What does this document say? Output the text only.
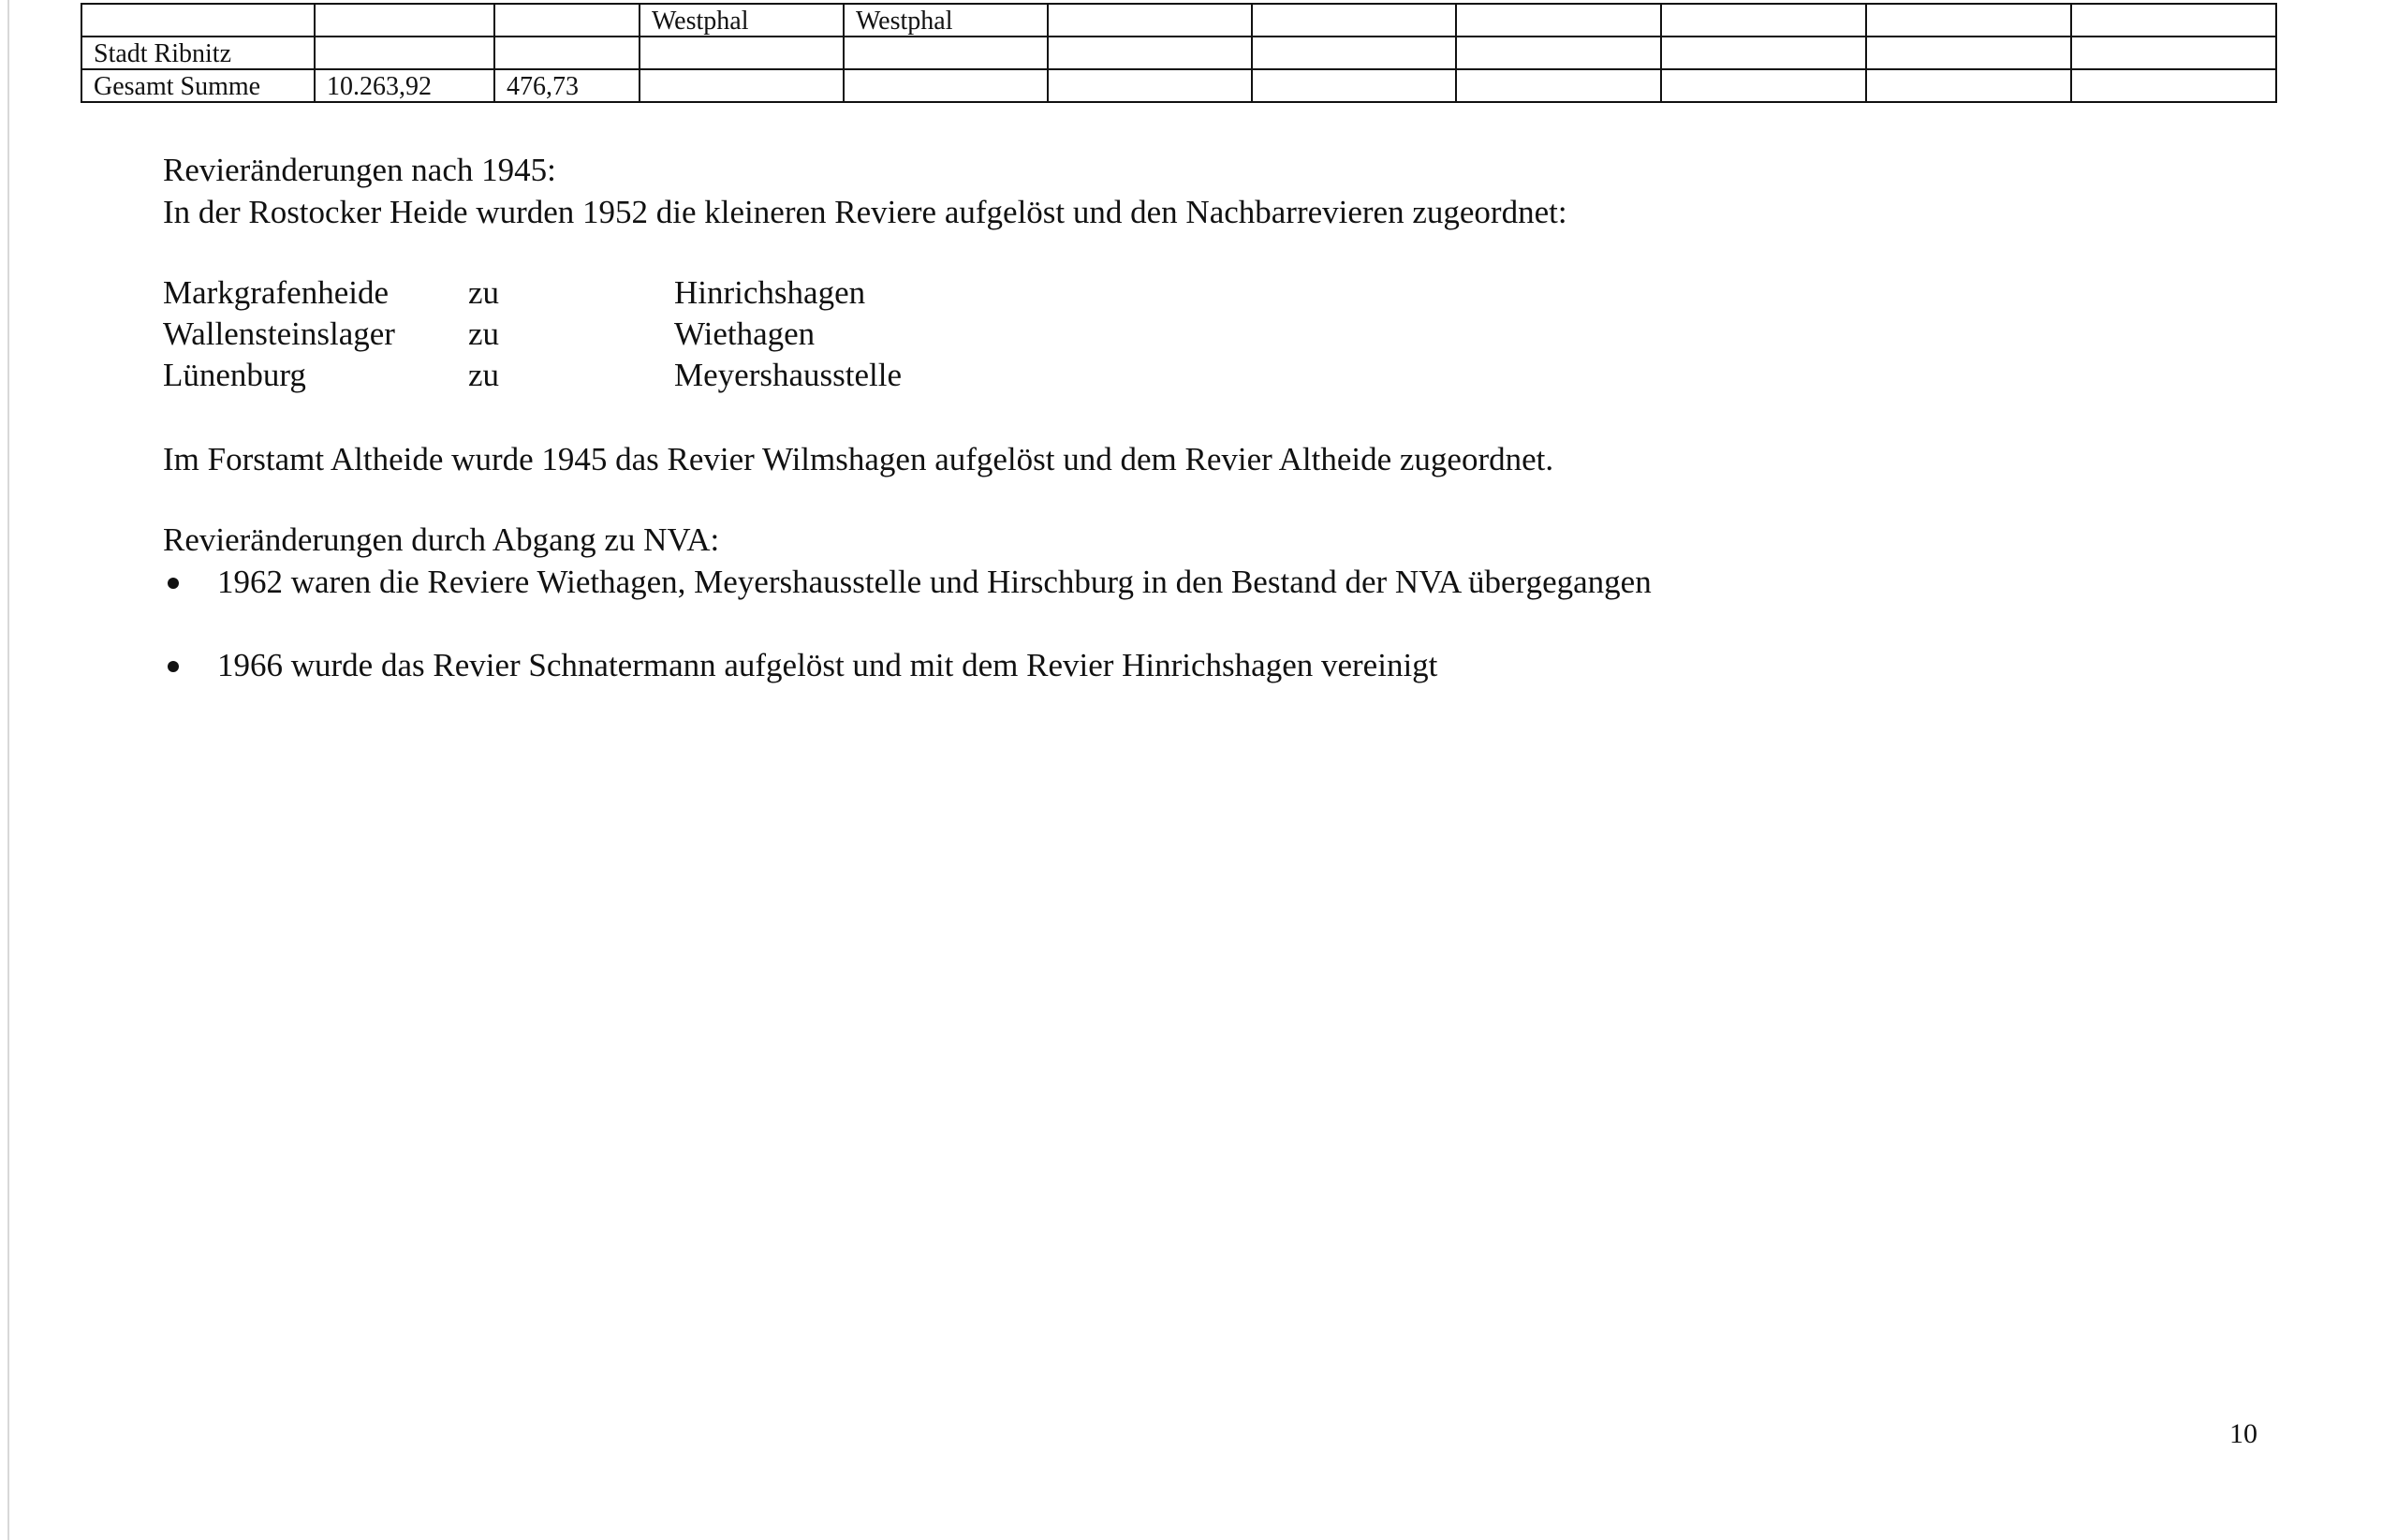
			Westphal	Westphal						
Stadt Ribnitz										
Gesamt Summe	10.263,92	476,73								
Revieränderungen nach 1945:
In der Rostocker Heide wurden 1952 die kleineren Reviere aufgelöst und den Nachbarrevieren zugeordnet:
Markgrafenheide zu	Hinrichshagen
Wallensteinslager zu	Wiethagen
Lünenburg	zu	Meyershausstelle
Im Forstamt Altheide wurde 1945 das Revier Wilmshagen aufgelöst und dem Revier Altheide zugeordnet.
Revieränderungen durch Abgang zu NVA:
1962 waren die Reviere Wiethagen, Meyershausstelle und Hirschburg in den Bestand der NVA übergegangen
1966 wurde das Revier Schnatermann aufgelöst und mit dem Revier Hinrichshagen vereinigt
10
